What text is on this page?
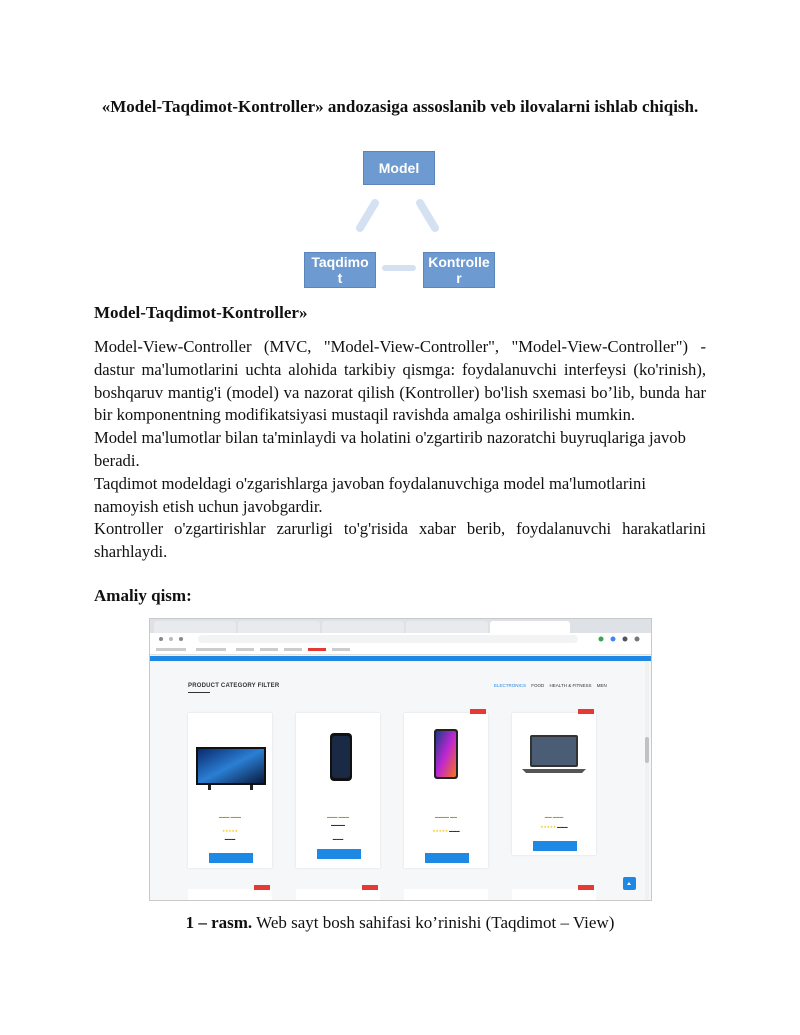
«Model-Taqdimot-Kontroller» andozasiga assoslanib veb ilovalarni ishlab chiqish.
Model
Taqdimot
Kontroller
Model-Taqdimot-Kontroller»

Model-View-Controller (MVC, "Model-View-Controller", "Model-View-Controller") - dastur ma'lumotlarini uchta alohida tarkibiy qismga: foydalanuvchi interfeysi (ko'rinish), boshqaruv mantig'i (model) va nazorat qilish (Kontroller) bo'lish sxemasi bo’lib, bunda har bir komponentning modifikatsiyasi mustaqil ravishda amalga oshirilishi mumkin.

Model ma'lumotlar bilan ta'minlaydi va holatini o'zgartirib nazoratchi buyruqlariga javob beradi.

Taqdimot modeldagi o'zgarishlarga javoban foydalanuvchiga model ma'lumotlarini namoyish etish uchun javobgardir.

Kontroller o'zgartirishlar zarurligi to'g'risida xabar berib, foydalanuvchi harakatlarini sharhlaydi.

Amaliy qism:
PRODUCT CATEGORY FILTER	ELECTRONICS FOOD HEALTH & FITNESS MEN
▬▬▬ ▬▬▬
★★★★★
▬▬▬
▬▬▬ ▬▬▬
▬▬▬▬
▬▬▬
▬▬▬▬ ▬▬
★★★★★ ▬▬▬
▬▬ ▬▬▬
★★★★★ ▬▬▬
1 – rasm. Web sayt bosh sahifasi ko’rinishi (Taqdimot – View)
